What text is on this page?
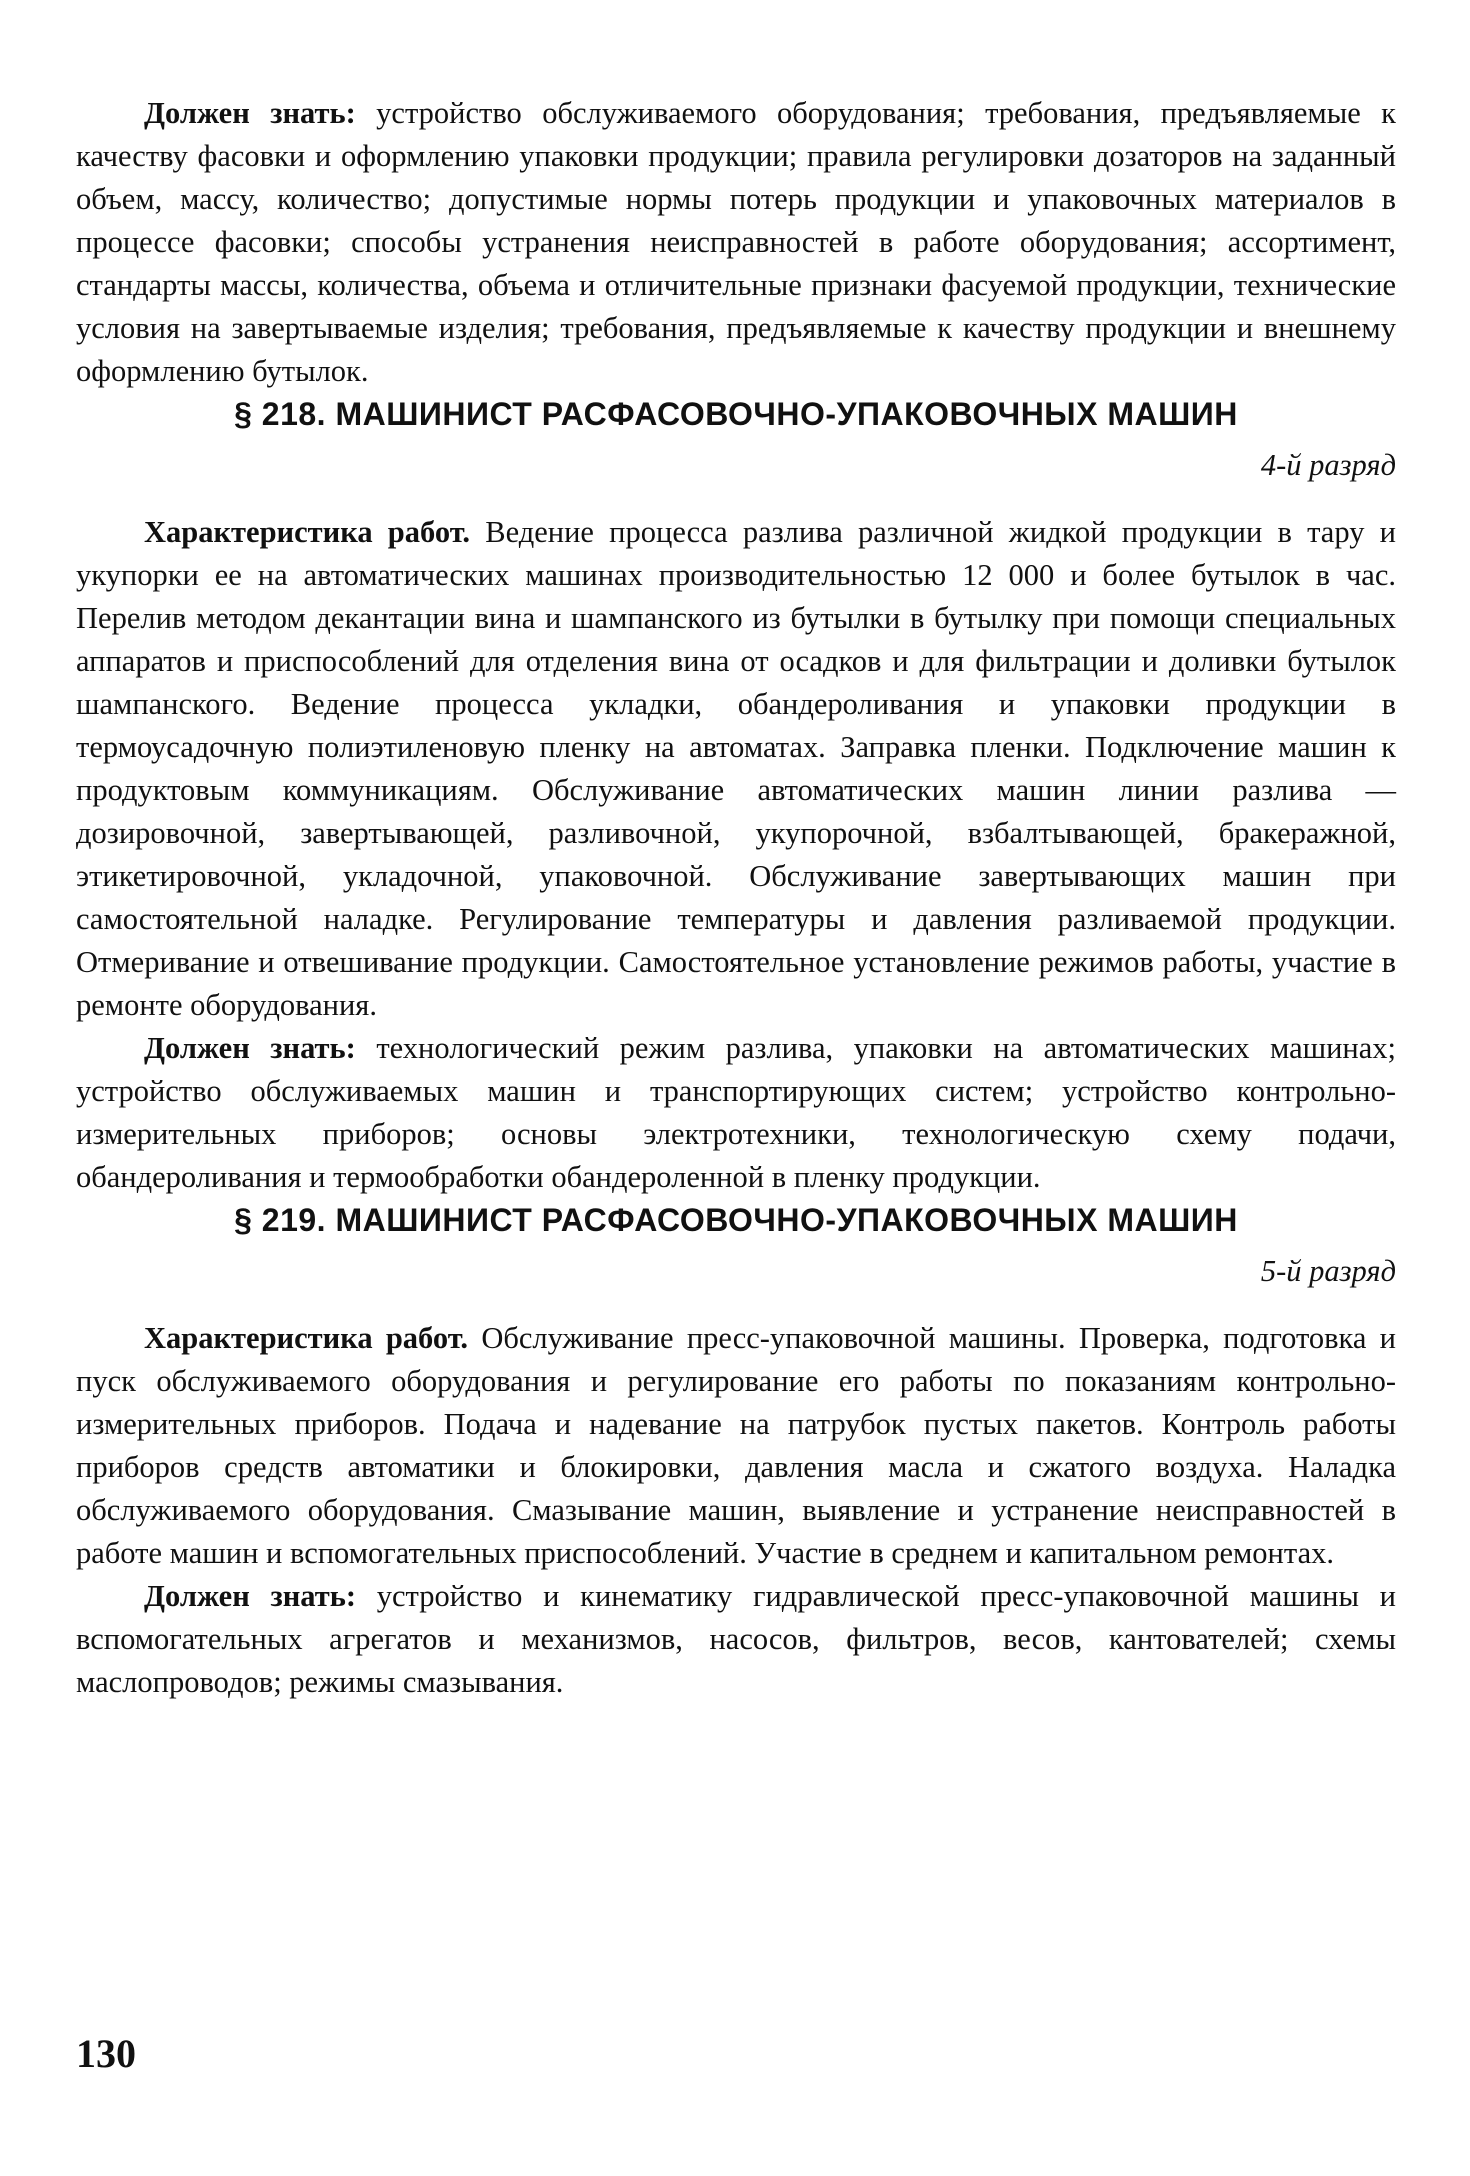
Должен знать: устройство обслуживаемого оборудования; требования, предъявляемые к качеству фасовки и оформлению упаковки продукции; правила регулировки дозаторов на заданный объем, массу, количество; допустимые нормы потерь продукции и упаковочных материалов в процессе фасовки; способы устранения неисправностей в работе оборудования; ассортимент, стандарты массы, количества, объема и отличительные признаки фасуемой продукции, технические условия на завертываемые изделия; требования, предъявляемые к качеству продукции и внешнему оформлению бутылок.

§ 218. МАШИНИСТ РАСФАСОВОЧНО-УПАКОВОЧНЫХ МАШИН
4-й разряд

Характеристика работ. Ведение процесса разлива различной жидкой продукции в тару и укупорки ее на автоматических машинах производительностью 12 000 и более бутылок в час. Перелив методом декантации вина и шампанского из бутылки в бутылку при помощи специальных аппаратов и приспособлений для отделения вина от осадков и для фильтрации и доливки бутылок шампанского. Ведение процесса укладки, обандероливания и упаковки продукции в термоусадочную полиэтиленовую пленку на автоматах. Заправка пленки. Подключение машин к продуктовым коммуникациям. Обслуживание автоматических машин линии разлива — дозировочной, завертывающей, разливочной, укупорочной, взбалтывающей, бракеражной, этикетировочной, укладочной, упаковочной. Обслуживание завертывающих машин при самостоятельной наладке. Регулирование температуры и давления разливаемой продукции. Отмеривание и отвешивание продукции. Самостоятельное установление режимов работы, участие в ремонте оборудования.

Должен знать: технологический режим разлива, упаковки на автоматических машинах; устройство обслуживаемых машин и транспортирующих систем; устройство контрольно-измерительных приборов; основы электротехники, технологическую схему подачи, обандероливания и термообработки обандероленной в пленку продукции.

§ 219. МАШИНИСТ РАСФАСОВОЧНО-УПАКОВОЧНЫХ МАШИН
5-й разряд

Характеристика работ. Обслуживание пресс-упаковочной машины. Проверка, подготовка и пуск обслуживаемого оборудования и регулирование его работы по показаниям контрольно-измерительных приборов. Подача и надевание на патрубок пустых пакетов. Контроль работы приборов средств автоматики и блокировки, давления масла и сжатого воздуха. Наладка обслуживаемого оборудования. Смазывание машин, выявление и устранение неисправностей в работе машин и вспомогательных приспособлений. Участие в среднем и капитальном ремонтах.

Должен знать: устройство и кинематику гидравлической пресс-упаковочной машины и вспомогательных агрегатов и механизмов, насосов, фильтров, весов, кантователей; схемы маслопроводов; режимы смазывания.

130
